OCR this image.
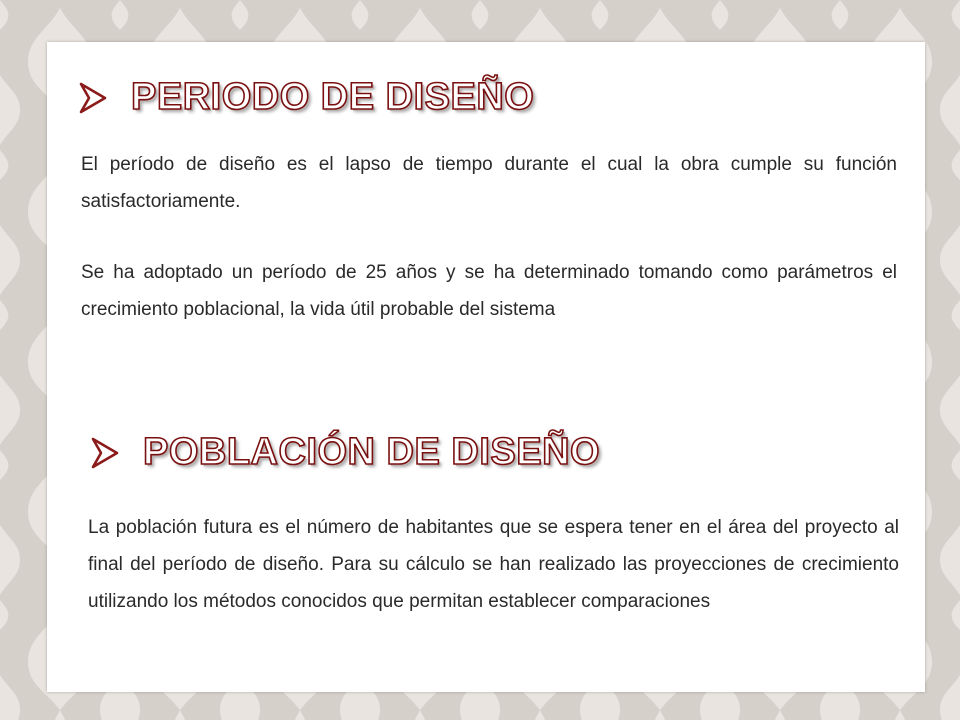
PERIODO DE DISEÑO

El período de diseño es el lapso de tiempo durante el cual la obra cumple su función satisfactoriamente.

Se ha adoptado un período de 25 años y se ha determinado tomando como parámetros el crecimiento poblacional, la vida útil probable del sistema

POBLACIÓN DE DISEÑO

La población futura es el número de habitantes que se espera tener en el área del proyecto al final del período de diseño. Para su cálculo se han realizado las proyecciones de crecimiento utilizando los métodos conocidos que permitan establecer comparaciones
